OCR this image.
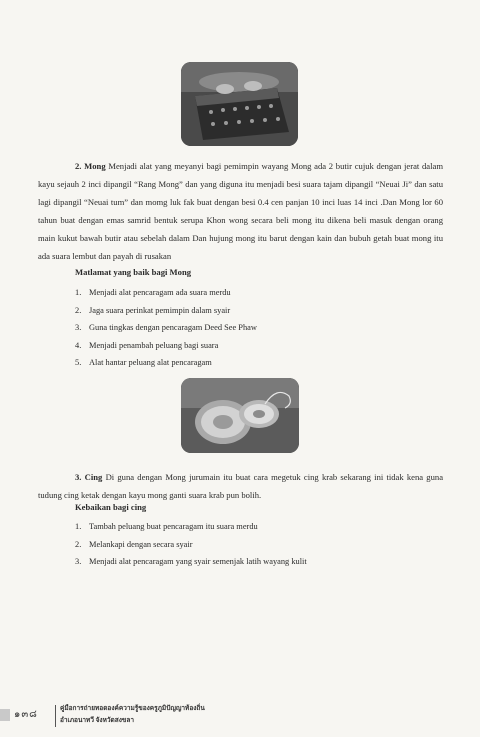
2. Mong Menjadi alat yang meyanyi bagi pemimpin wayang Mong ada 2 butir cujuk dengan jerat dalam kayu sejauh 2 inci dipangil “Rang Mong” dan yang diguna itu menjadi besi suara tajam dipangil “Neuai Ji” dan satu lagi dipangil “Neuai tum” dan momg luk fak buat dengan besi 0.4 cen panjan 10 inci luas 14 inci .Dan Mong lor 60 tahun buat dengan emas samrid bentuk serupa Khon wong secara beli mong itu dikena beli masuk dengan orang main kukut bawah butir atau sebelah dalam Dan hujung mong itu barut dengan kain dan bubuh getah buat mong itu ada suara lembut dan payah di rusakan

Matlamat yang baik bagi Mong

1. Menjadi alat pencaragam ada suara merdu
2. Jaga suara perinkat pemimpin dalam syair
3. Guna tingkas dengan pencaragam Deed See Phaw
4. Menjadi penambah peluang bagi suara
5. Alat hantar peluang alat pencaragam

3. Cing Di guna dengan Mong jurumain itu buat cara megetuk cing krab sekarang ini tidak kena guna tudung cing ketak dengan kayu mong ganti suara krab pun bolih.

Kebaikan bagi cing

1. Tambah peluang buat pencaragam itu suara merdu
2. Melankapi dengan secara syair
3. Menjadi alat pencaragam yang syair semenjak latih wayang kulit
๑๓๘
คู่มือการถ่ายทอดองค์ความรู้ของครูภูมิปัญญาท้องถิ่น
อำเภอนาทวี จังหวัดสงขลา
